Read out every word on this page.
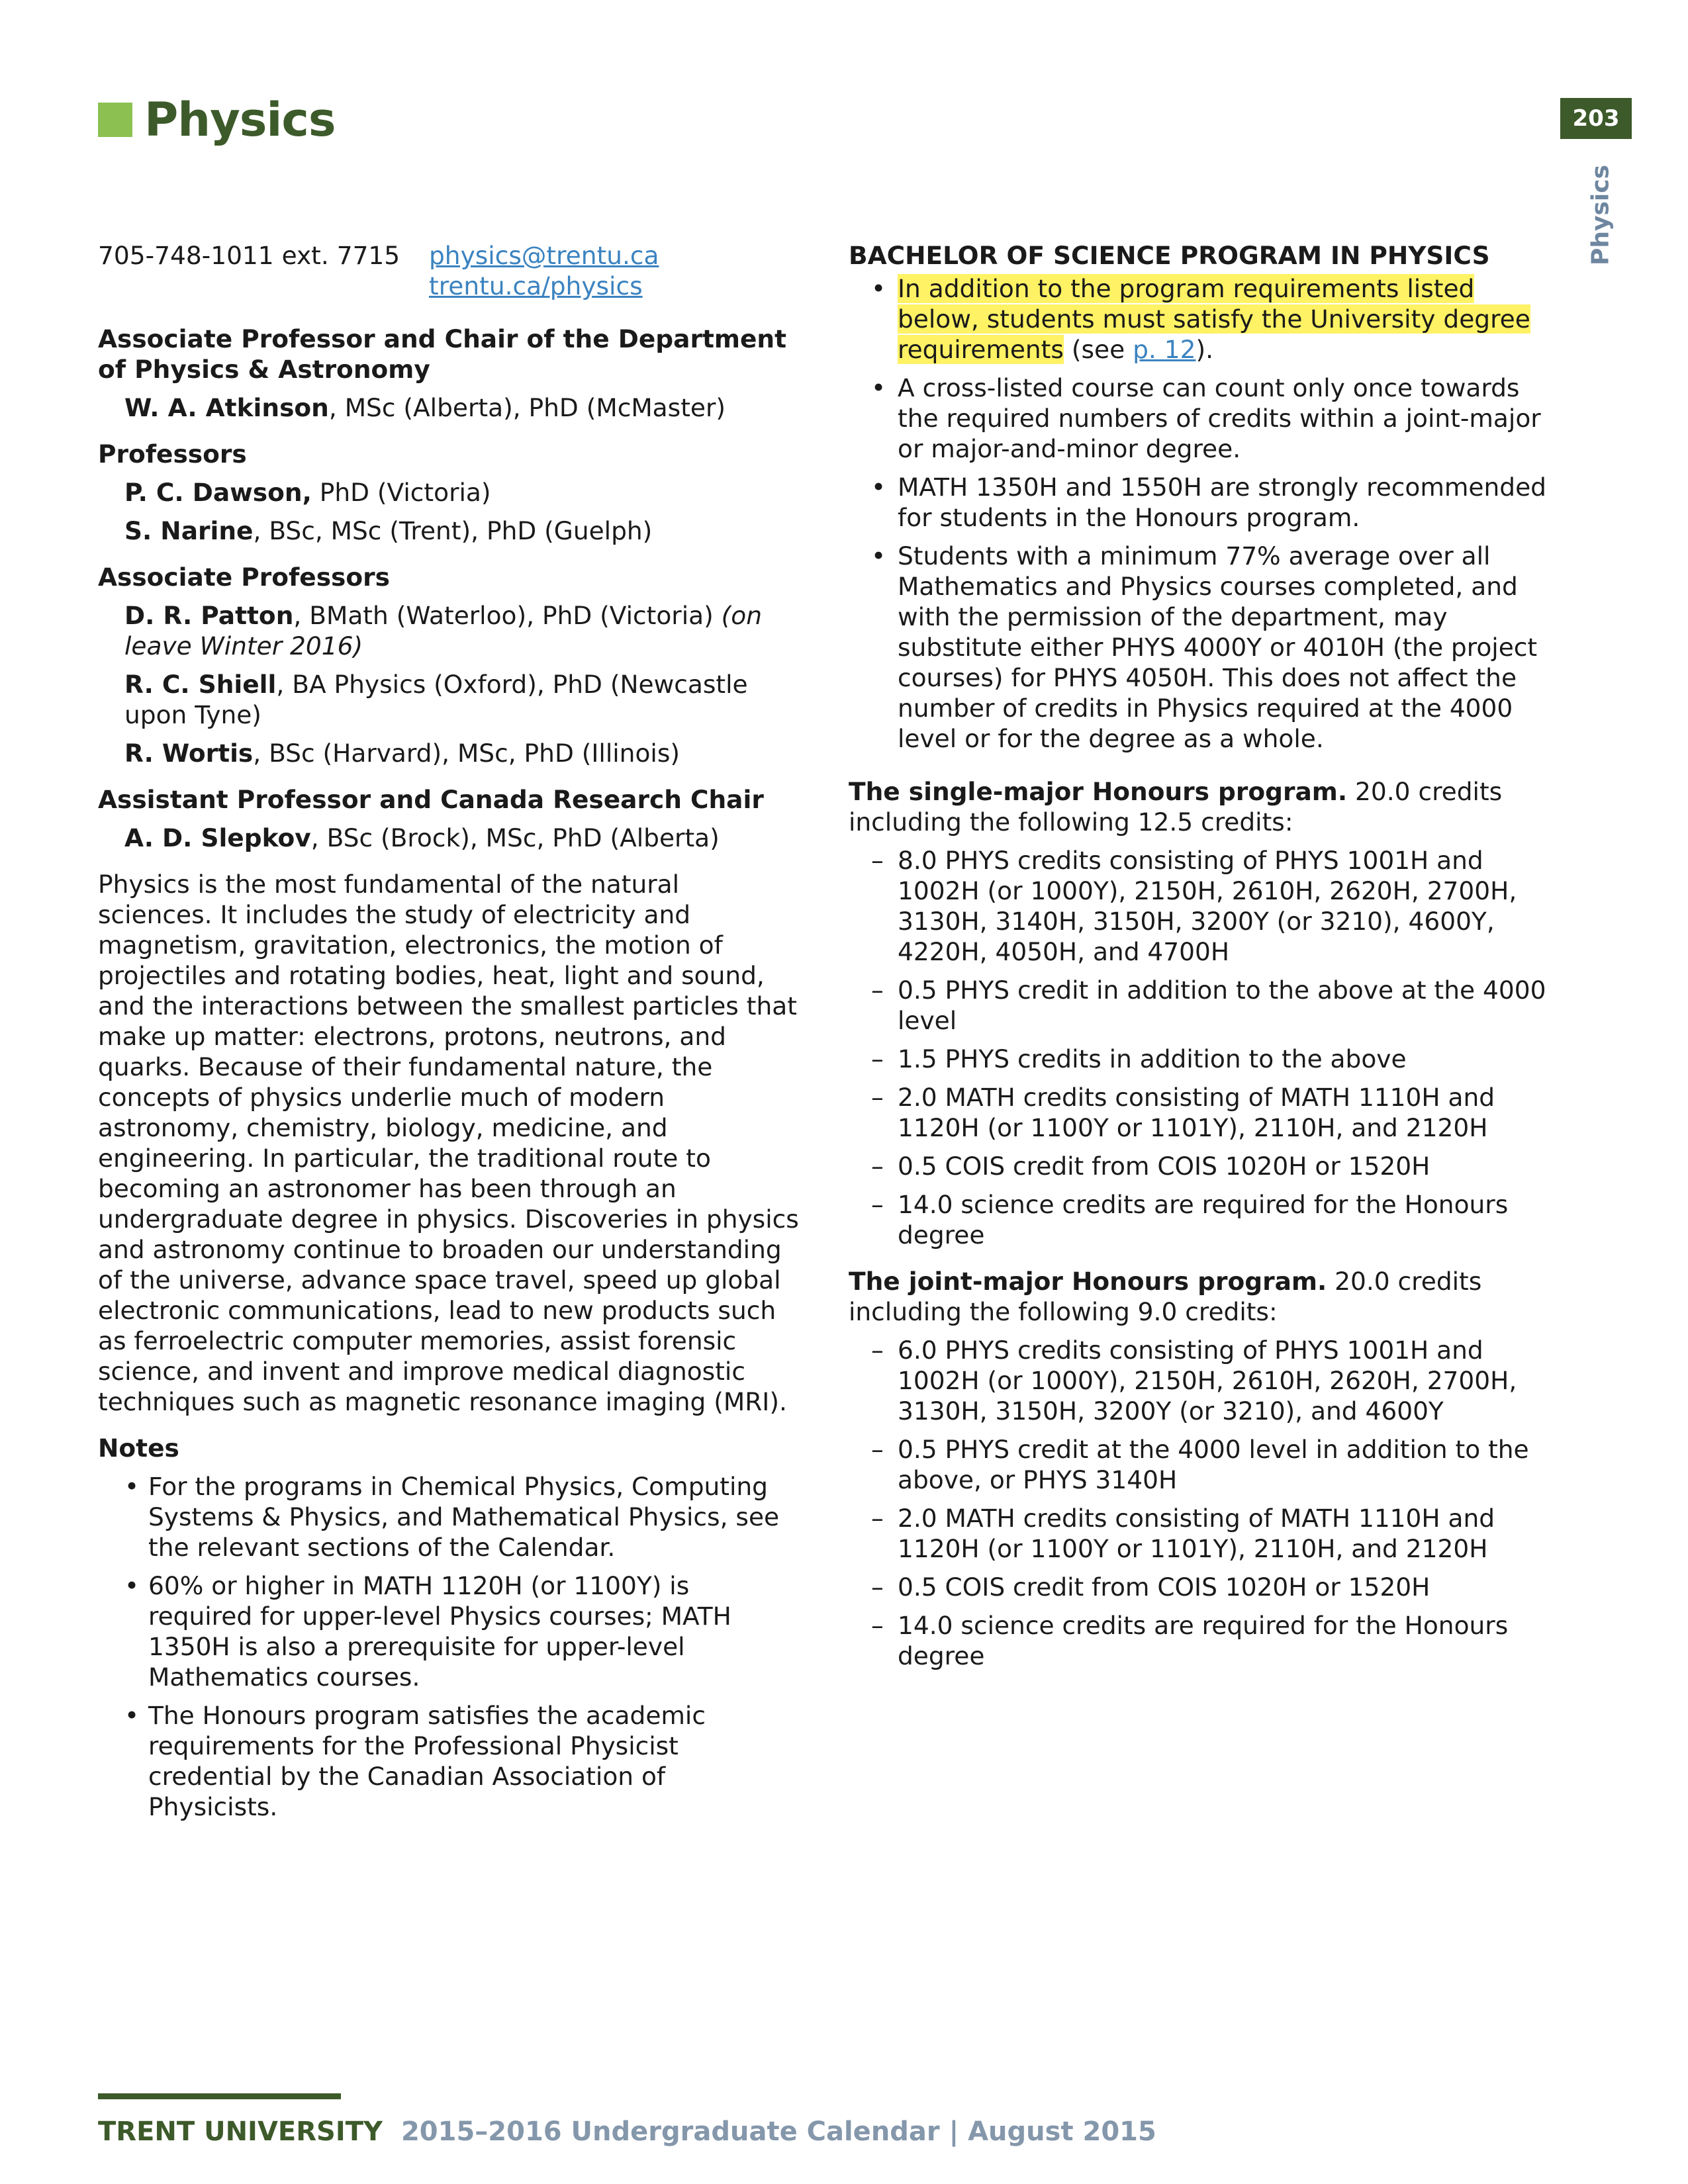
Physics	203
Physics
705-748-1011 ext. 7715	physics@trentu.ca
trentu.ca/physics
Associate Professor and Chair of the Department of Physics & Astronomy
W. A. Atkinson, MSc (Alberta), PhD (McMaster)
Professors
P. C. Dawson, PhD (Victoria)
S. Narine, BSc, MSc (Trent), PhD (Guelph)
Associate Professors
D. R. Patton, BMath (Waterloo), PhD (Victoria) (on leave Winter 2016)
R. C. Shiell, BA Physics (Oxford), PhD (Newcastle upon Tyne)
R. Wortis, BSc (Harvard), MSc, PhD (Illinois)
Assistant Professor and Canada Research Chair
A. D. Slepkov, BSc (Brock), MSc, PhD (Alberta)

Physics is the most fundamental of the natural sciences. It includes the study of electricity and magnetism, gravitation, electronics, the motion of projectiles and rotating bodies, heat, light and sound, and the interactions between the smallest particles that make up matter: electrons, protons, neutrons, and quarks. Because of their fundamental nature, the concepts of physics underlie much of modern astronomy, chemistry, biology, medicine, and engineering. In particular, the traditional route to becoming an astronomer has been through an undergraduate degree in physics. Discoveries in physics and astronomy continue to broaden our understanding of the universe, advance space travel, speed up global electronic communications, lead to new products such as ferroelectric computer memories, assist forensic science, and invent and improve medical diagnostic techniques such as magnetic resonance imaging (MRI).

Notes
• For the programs in Chemical Physics, Computing Systems & Physics, and Mathematical Physics, see the relevant sections of the Calendar.
• 60% or higher in MATH 1120H (or 1100Y) is required for upper-level Physics courses; MATH 1350H is also a prerequisite for upper-level Mathematics courses.
• The Honours program satisfies the academic requirements for the Professional Physicist credential by the Canadian Association of Physicists.
BACHELOR OF SCIENCE PROGRAM IN PHYSICS
• In addition to the program requirements listed below, students must satisfy the University degree requirements (see p. 12).
• A cross-listed course can count only once towards the required numbers of credits within a joint-major or major-and-minor degree.
• MATH 1350H and 1550H are strongly recommended for students in the Honours program.
• Students with a minimum 77% average over all Mathematics and Physics courses completed, and with the permission of the department, may substitute either PHYS 4000Y or 4010H (the project courses) for PHYS 4050H. This does not affect the number of credits in Physics required at the 4000 level or for the degree as a whole.
The single-major Honours program. 20.0 credits including the following 12.5 credits:
– 8.0 PHYS credits consisting of PHYS 1001H and 1002H (or 1000Y), 2150H, 2610H, 2620H, 2700H, 3130H, 3140H, 3150H, 3200Y (or 3210), 4600Y, 4220H, 4050H, and 4700H
– 0.5 PHYS credit in addition to the above at the 4000 level
– 1.5 PHYS credits in addition to the above
– 2.0 MATH credits consisting of MATH 1110H and 1120H (or 1100Y or 1101Y), 2110H, and 2120H
– 0.5 COIS credit from COIS 1020H or 1520H
– 14.0 science credits are required for the Honours degree
The joint-major Honours program. 20.0 credits including the following 9.0 credits:
– 6.0 PHYS credits consisting of PHYS 1001H and 1002H (or 1000Y), 2150H, 2610H, 2620H, 2700H, 3130H, 3150H, 3200Y (or 3210), and 4600Y
– 0.5 PHYS credit at the 4000 level in addition to the above, or PHYS 3140H
– 2.0 MATH credits consisting of MATH 1110H and 1120H (or 1100Y or 1101Y), 2110H, and 2120H
– 0.5 COIS credit from COIS 1020H or 1520H
– 14.0 science credits are required for the Honours degree
TRENT UNIVERSITY 2015–2016 Undergraduate Calendar | August 2015
